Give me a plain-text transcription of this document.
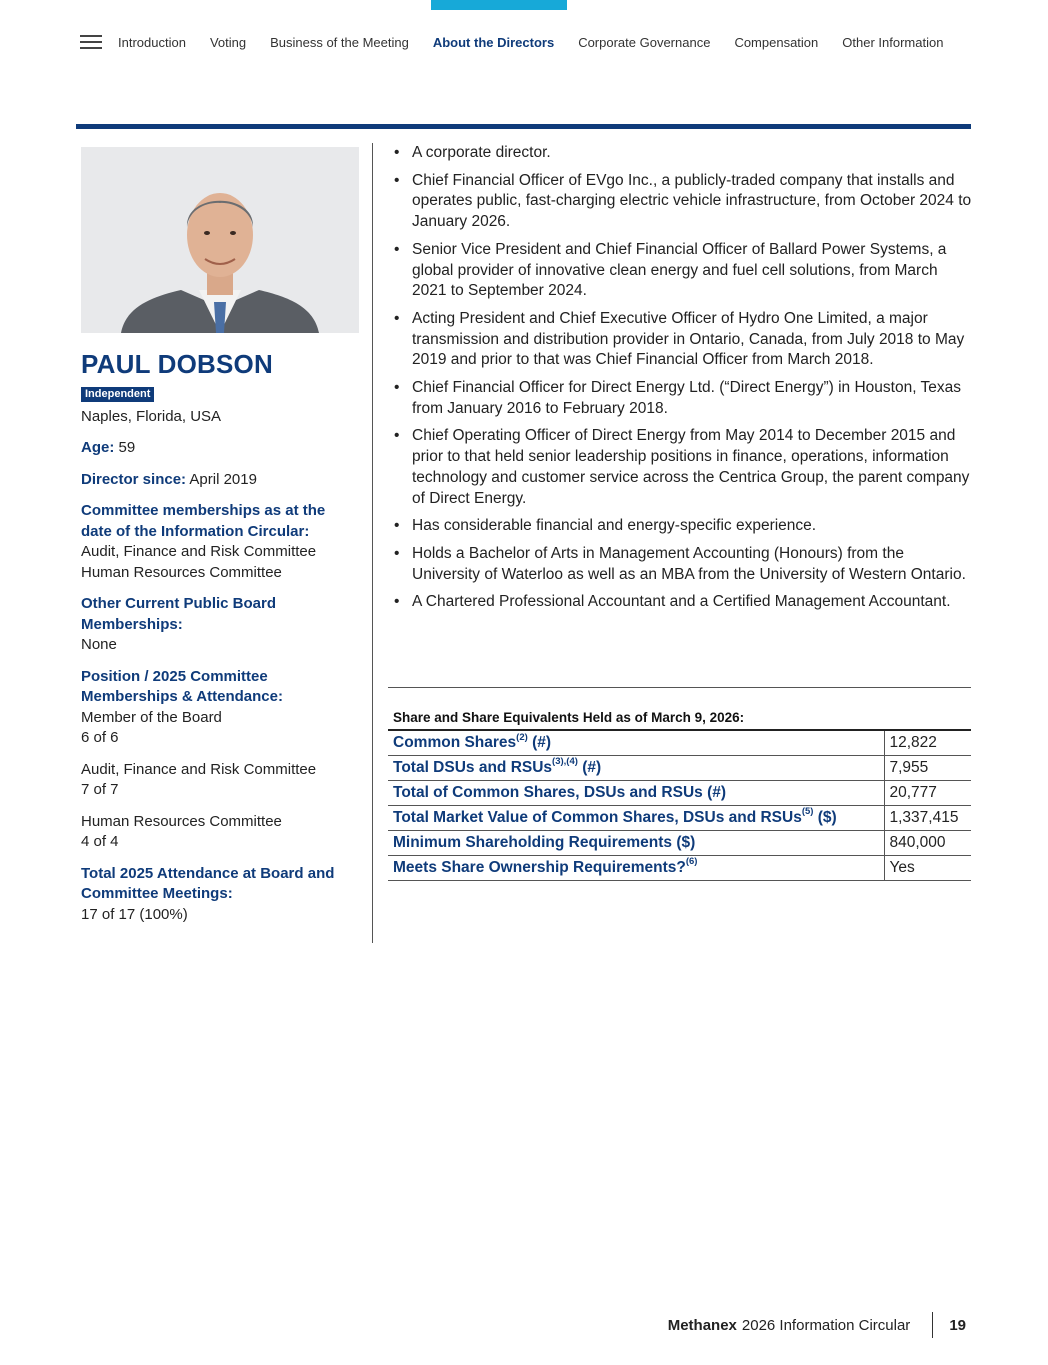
Introduction Voting Business of the Meeting About the Directors Corporate Governance Compensation Other Information
PAUL DOBSON
Independent
Naples, Florida, USA
Age: 59
Director since: April 2019
Committee memberships as at the date of the Information Circular:
Audit, Finance and Risk Committee
Human Resources Committee
Other Current Public Board Memberships:
None
Position / 2025 Committee Memberships & Attendance:
Member of the Board
6 of 6
Audit, Finance and Risk Committee
7 of 7
Human Resources Committee
4 of 4
Total 2025 Attendance at Board and Committee Meetings:
17 of 17 (100%)
• A corporate director.
• Chief Financial Officer of EVgo Inc., a publicly-traded company that installs and operates public, fast-charging electric vehicle infrastructure, from October 2024 to January 2026.
• Senior Vice President and Chief Financial Officer of Ballard Power Systems, a global provider of innovative clean energy and fuel cell solutions, from March 2021 to September 2024.
• Acting President and Chief Executive Officer of Hydro One Limited, a major transmission and distribution provider in Ontario, Canada, from July 2018 to May 2019 and prior to that was Chief Financial Officer from March 2018.
• Chief Financial Officer for Direct Energy Ltd. (“Direct Energy”) in Houston, Texas from January 2016 to February 2018.
• Chief Operating Officer of Direct Energy from May 2014 to December 2015 and prior to that held senior leadership positions in finance, operations, information technology and customer service across the Centrica Group, the parent company of Direct Energy.
• Has considerable financial and energy-specific experience.
• Holds a Bachelor of Arts in Management Accounting (Honours) from the University of Waterloo as well as an MBA from the University of Western Ontario.
• A Chartered Professional Accountant and a Certified Management Accountant.
Share and Share Equivalents Held as of March 9, 2026:
Common Shares$^{(2)}$ (#)	12,822
Total DSUs and RSUs$^{(3),(4)}$ (#)	7,955
Total of Common Shares, DSUs and RSUs (#)	20,777
Total Market Value of Common Shares, DSUs and RSUs$^{(5)}$ ($)	1,337,415
Minimum Shareholding Requirements ($)	840,000
Meets Share Ownership Requirements?$^{(6)}$	Yes
Methanex 2026 Information Circular	19
